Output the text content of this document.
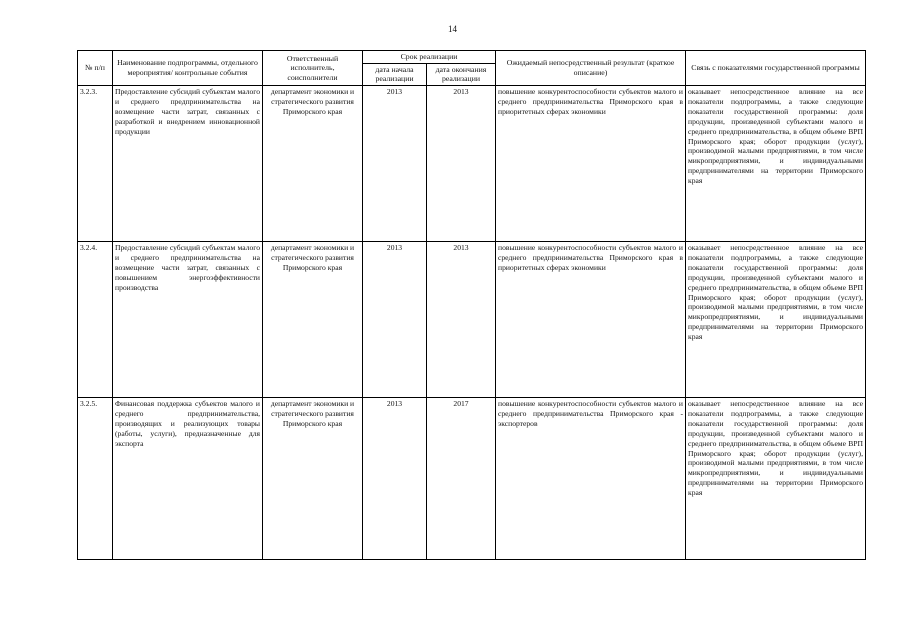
14
№ п/п	Наименование подпрограммы, отдельного мероприятия/ контрольные события	Ответственный исполнитель, соисполнители	Срок реализации		Ожидаемый непосредственный результат (краткое описание)	Связь с показателями государственной программы
			дата начала реализации	дата окончания реализации		
3.2.3.	Предоставление субсидий субъектам малого и среднего предпринимательства на возмещение части затрат, связанных с разработкой и внедрением инновационной продукции	департамент экономики и стратегического развития Приморского края	2013	2013	повышение конкурентоспособности субъектов малого и среднего предпринимательства Приморского края в приоритетных сферах экономики	оказывает непосредственное влияние на все показатели подпрограммы, а также следующие показатели государственной программы: доля продукции, произведенной субъектами малого и среднего предпринимательства, в общем объеме ВРП Приморского края; оборот продукции (услуг), производимой малыми предприятиями, в том числе микропредприятиями, и индивидуальными предпринимателями на территории Приморского края
3.2.4.	Предоставление субсидий субъектам малого и среднего предпринимательства на возмещение части затрат, связанных с повышением энергоэффективности производства	департамент экономики и стратегического развития Приморского края	2013	2013	повышение конкурентоспособности субъектов малого и среднего предпринимательства Приморского края в приоритетных сферах экономики	оказывает непосредственное влияние на все показатели подпрограммы, а также следующие показатели государственной программы: доля продукции, произведенной субъектами малого и среднего предпринимательства, в общем объеме ВРП Приморского края; оборот продукции (услуг), производимой малыми предприятиями, в том числе микропредприятиями, и индивидуальными предпринимателями на территории Приморского края
3.2.5.	Финансовая поддержка субъектов малого и среднего предпринимательства, производящих и реализующих товары (работы, услуги), предназначенные для экспорта	департамент экономики и стратегического развития Приморского края	2013	2017	повышение конкурентоспособности субъектов малого и среднего предпринимательства Приморского края - экспортеров	оказывает непосредственное влияние на все показатели подпрограммы, а также следующие показатели государственной программы: доля продукции, произведенной субъектами малого и среднего предпринимательства, в общем объеме ВРП Приморского края; оборот продукции (услуг), производимой малыми предприятиями, в том числе микропредприятиями, и индивидуальными предпринимателями на территории Приморского края
